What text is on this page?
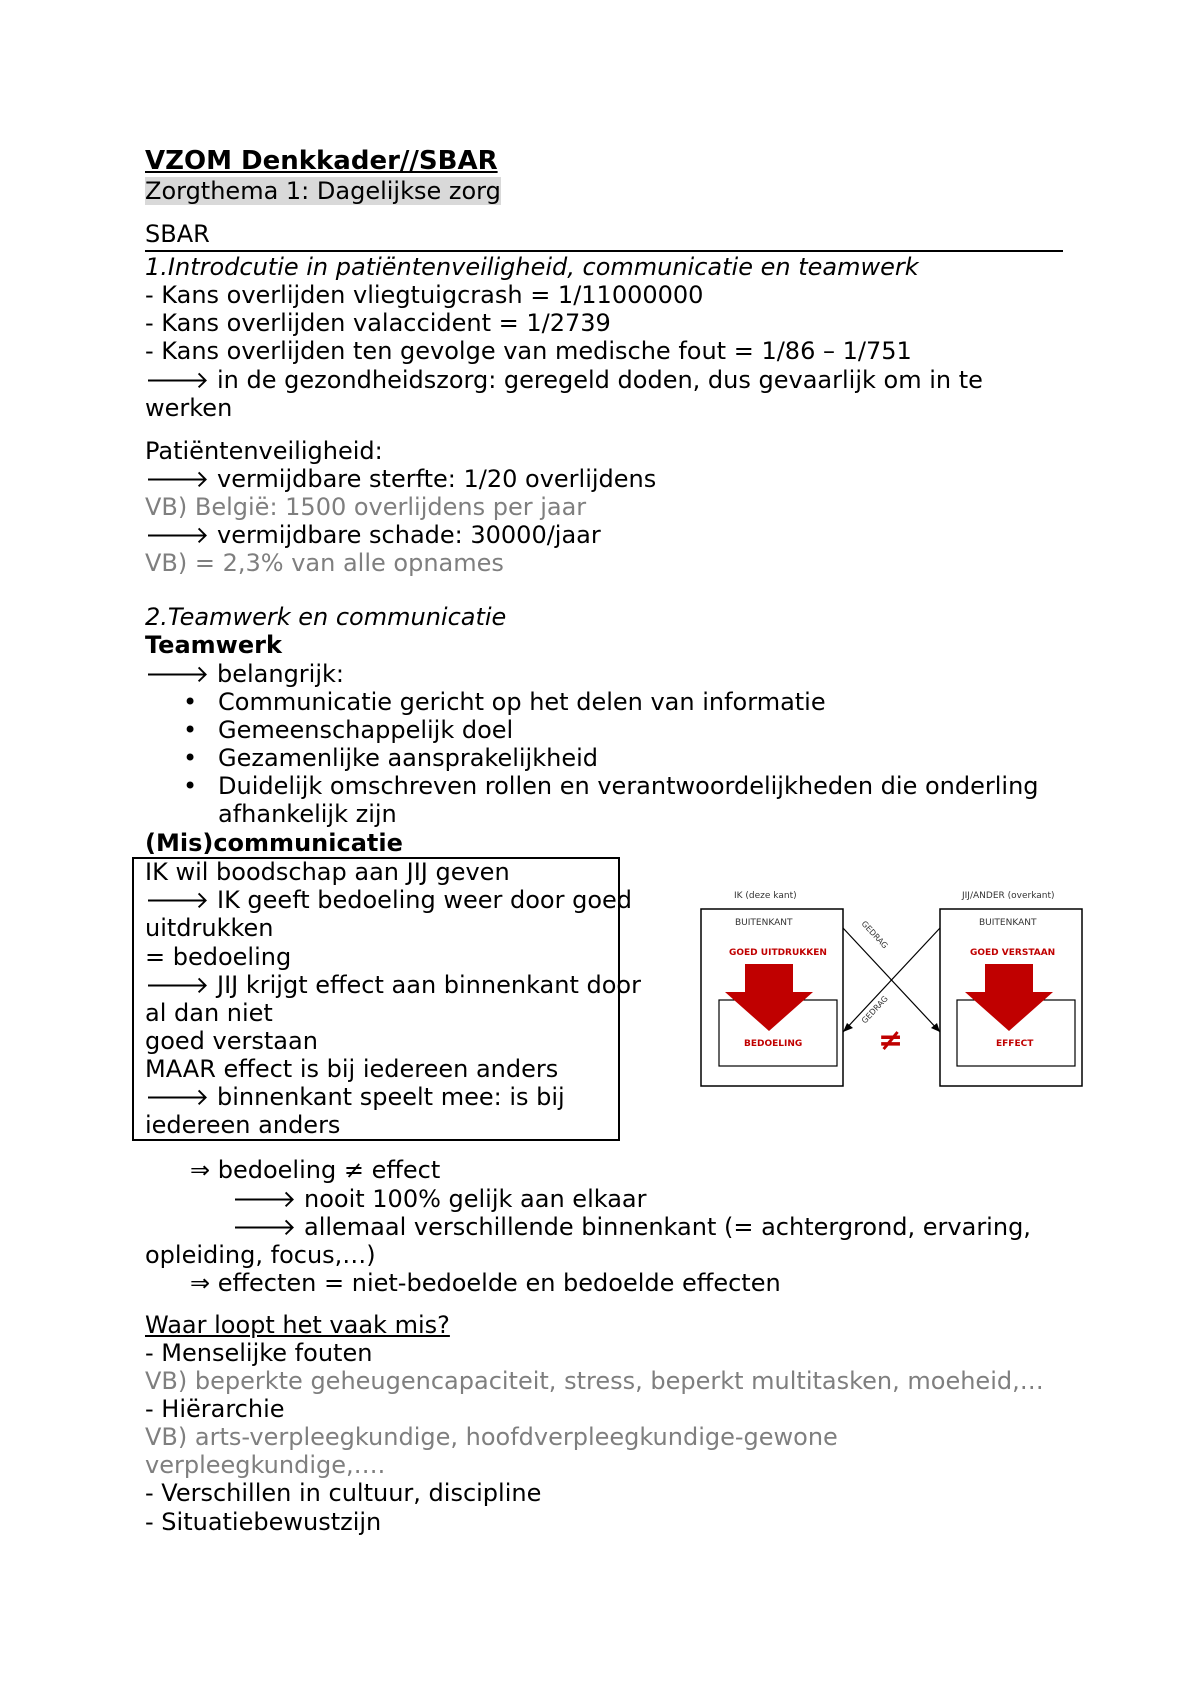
VZOM Denkkader//SBAR
Zorgthema 1: Dagelijkse zorg
SBAR
1.Introdcutie in patiëntenveiligheid, communicatie en teamwerk
- Kans overlijden vliegtuigcrash = 1/11000000
- Kans overlijden valaccident = 1/2739
- Kans overlijden ten gevolge van medische fout = 1/86 – 1/751
🡒 in de gezondheidszorg: geregeld doden, dus gevaarlijk om in te
werken
Patiëntenveiligheid:
🡒 vermijdbare sterfte: 1/20 overlijdens
VB) België: 1500 overlijdens per jaar
🡒 vermijdbare schade: 30000/jaar
VB) = 2,3% van alle opnames
2.Teamwerk en communicatie
Teamwerk
🡒 belangrijk:
• Communicatie gericht op het delen van informatie
• Gemeenschappelijk doel
• Gezamenlijke aansprakelijkheid
• Duidelijk omschreven rollen en verantwoordelijkheden die onderling
afhankelijk zijn
(Mis)communicatie
IK wil boodschap aan JIJ geven
🡒 IK geeft bedoeling weer door goed
uitdrukken
= bedoeling
🡒 JIJ krijgt effect aan binnenkant door
al dan niet
goed verstaan
MAAR effect is bij iedereen anders
🡒 binnenkant speelt mee: is bij
iedereen anders
IK (deze kant)	JIJ/ANDER (overkant)
BUITENKANT	BUITENKANT
GOED UITDRUKKEN	GOED VERSTAAN
BEDOELING	EFFECT
GEDRAG
GEDRAG
≠
⇒ bedoeling ≠ effect
🡒 nooit 100% gelijk aan elkaar
🡒 allemaal verschillende binnenkant (= achtergrond, ervaring,
opleiding, focus,…)
⇒ effecten = niet-bedoelde en bedoelde effecten
Waar loopt het vaak mis?
- Menselijke fouten
VB) beperkte geheugencapaciteit, stress, beperkt multitasken, moeheid,…
- Hiërarchie
VB) arts-verpleegkundige, hoofdverpleegkundige-gewone
verpleegkundige,….
- Verschillen in cultuur, discipline
- Situatiebewustzijn
